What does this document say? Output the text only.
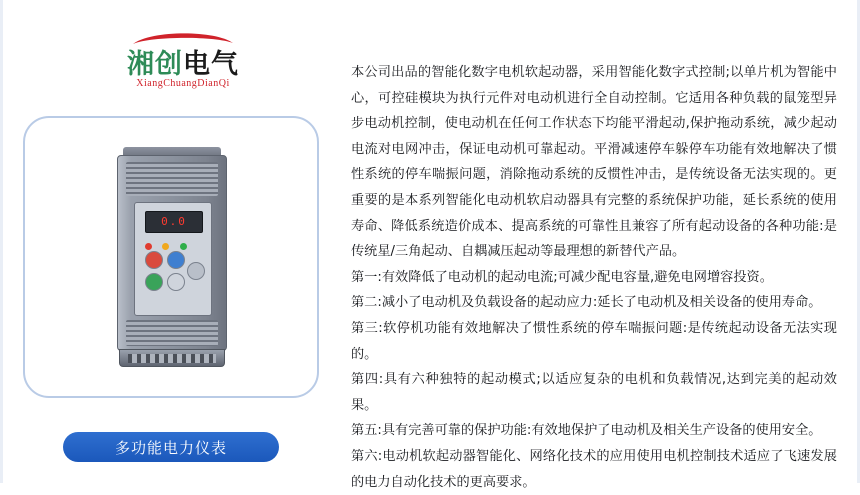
湘创电气
XiangChuangDianQi
0.0

多功能电力仪表

本公司出品的智能化数字电机软起动器，采用智能化数字式控制;以单片机为智能中心，可控硅模块为执行元件对电动机进行全自动控制。它适用各种负载的鼠笼型异步电动机控制，使电动机在任何工作状态下均能平滑起动,保护拖动系统，减少起动电流对电网冲击，保证电动机可靠起动。平滑减速停车躲停车功能有效地解决了惯性系统的停车喘振问题，消除拖动系统的反惯性冲击，是传统设备无法实现的。更重要的是本系列智能化电动机软启动器具有完整的系统保护功能，延长系统的使用寿命、降低系统造价成本、提高系统的可靠性且兼容了所有起动设备的各种功能:是传统星/三角起动、自耦减压起动等最理想的新替代产品。

第一:有效降低了电动机的起动电流;可减少配电容量,避免电网增容投资。

第二:减小了电动机及负载设备的起动应力:延长了电动机及相关设备的使用寿命。

第三:软停机功能有效地解决了惯性系统的停车喘振问题:是传统起动设备无法实现的。

第四:具有六种独特的起动模式;以适应复杂的电机和负载情况,达到完美的起动效果。

第五:具有完善可靠的保护功能:有效地保护了电动机及相关生产设备的使用安全。

第六:电动机软起动器智能化、网络化技术的应用使用电机控制技术适应了飞速发展的电力自动化技术的更高要求。
